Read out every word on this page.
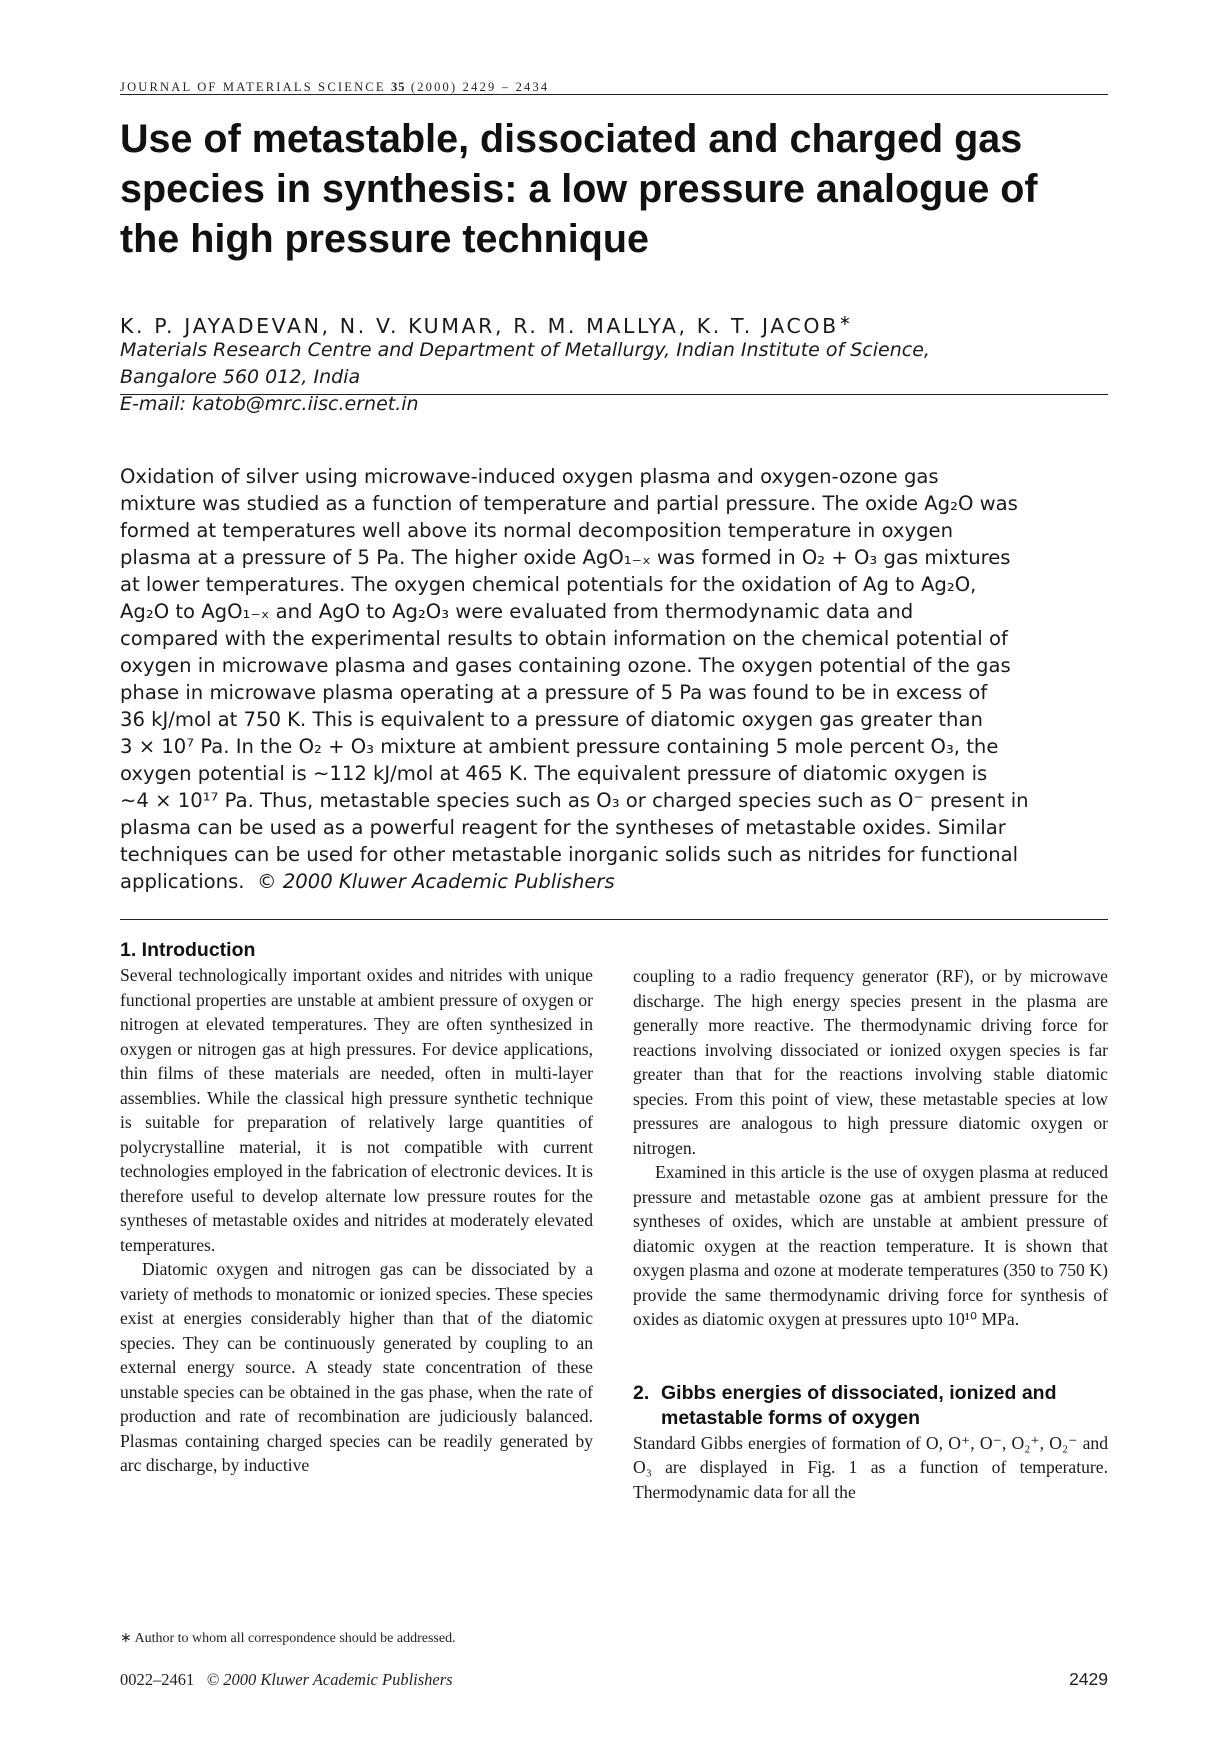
JOURNAL OF MATERIALS SCIENCE 35 (2000) 2429 – 2434
Use of metastable, dissociated and charged gas
species in synthesis: a low pressure analogue of
the high pressure technique
K. P. JAYADEVAN, N. V. KUMAR, R. M. MALLYA, K. T. JACOB∗
Materials Research Centre and Department of Metallurgy, Indian Institute of Science,
Bangalore 560 012, India
E-mail: katob@mrc.iisc.ernet.in
Oxidation of silver using microwave-induced oxygen plasma and oxygen-ozone gas
mixture was studied as a function of temperature and partial pressure. The oxide Ag₂O was
formed at temperatures well above its normal decomposition temperature in oxygen
plasma at a pressure of 5 Pa. The higher oxide AgO₁₋ₓ was formed in O₂ + O₃ gas mixtures
at lower temperatures. The oxygen chemical potentials for the oxidation of Ag to Ag₂O,
Ag₂O to AgO₁₋ₓ and AgO to Ag₂O₃ were evaluated from thermodynamic data and
compared with the experimental results to obtain information on the chemical potential of
oxygen in microwave plasma and gases containing ozone. The oxygen potential of the gas
phase in microwave plasma operating at a pressure of 5 Pa was found to be in excess of
36 kJ/mol at 750 K. This is equivalent to a pressure of diatomic oxygen gas greater than
3 × 10⁷ Pa. In the O₂ + O₃ mixture at ambient pressure containing 5 mole percent O₃, the
oxygen potential is ∼112 kJ/mol at 465 K. The equivalent pressure of diatomic oxygen is
∼4 × 10¹⁷ Pa. Thus, metastable species such as O₃ or charged species such as O⁻ present in
plasma can be used as a powerful reagent for the syntheses of metastable oxides. Similar
techniques can be used for other metastable inorganic solids such as nitrides for functional
applications. © 2000 Kluwer Academic Publishers
1. Introduction

Several technologically important oxides and nitrides with unique functional properties are unstable at ambient pressure of oxygen or nitrogen at elevated temperatures. They are often synthesized in oxygen or nitrogen gas at high pressures. For device applications, thin films of these materials are needed, often in multi-layer assemblies. While the classical high pressure synthetic technique is suitable for preparation of relatively large quantities of polycrystalline material, it is not compatible with current technologies employed in the fabrication of electronic devices. It is therefore useful to develop alternate low pressure routes for the syntheses of metastable oxides and nitrides at moderately elevated temperatures.

Diatomic oxygen and nitrogen gas can be dissociated by a variety of methods to monatomic or ionized species. These species exist at energies considerably higher than that of the diatomic species. They can be continuously generated by coupling to an external energy source. A steady state concentration of these unstable species can be obtained in the gas phase, when the rate of production and rate of recombination are judiciously balanced. Plasmas containing charged species can be readily generated by arc discharge, by inductive

coupling to a radio frequency generator (RF), or by microwave discharge. The high energy species present in the plasma are generally more reactive. The thermodynamic driving force for reactions involving dissociated or ionized oxygen species is far greater than that for the reactions involving stable diatomic species. From this point of view, these metastable species at low pressures are analogous to high pressure diatomic oxygen or nitrogen.

Examined in this article is the use of oxygen plasma at reduced pressure and metastable ozone gas at ambient pressure for the syntheses of oxides, which are unstable at ambient pressure of diatomic oxygen at the reaction temperature. It is shown that oxygen plasma and ozone at moderate temperatures (350 to 750 K) provide the same thermodynamic driving force for synthesis of oxides as diatomic oxygen at pressures upto 10¹⁰ MPa.

2. Gibbs energies of dissociated, ionized and
metastable forms of oxygen

Standard Gibbs energies of formation of O, O⁺, O⁻, O₂⁺, O₂⁻ and O₃ are displayed in Fig. 1 as a function of temperature. Thermodynamic data for all the

∗ Author to whom all correspondence should be addressed.
0022–2461 © 2000 Kluwer Academic Publishers	2429
